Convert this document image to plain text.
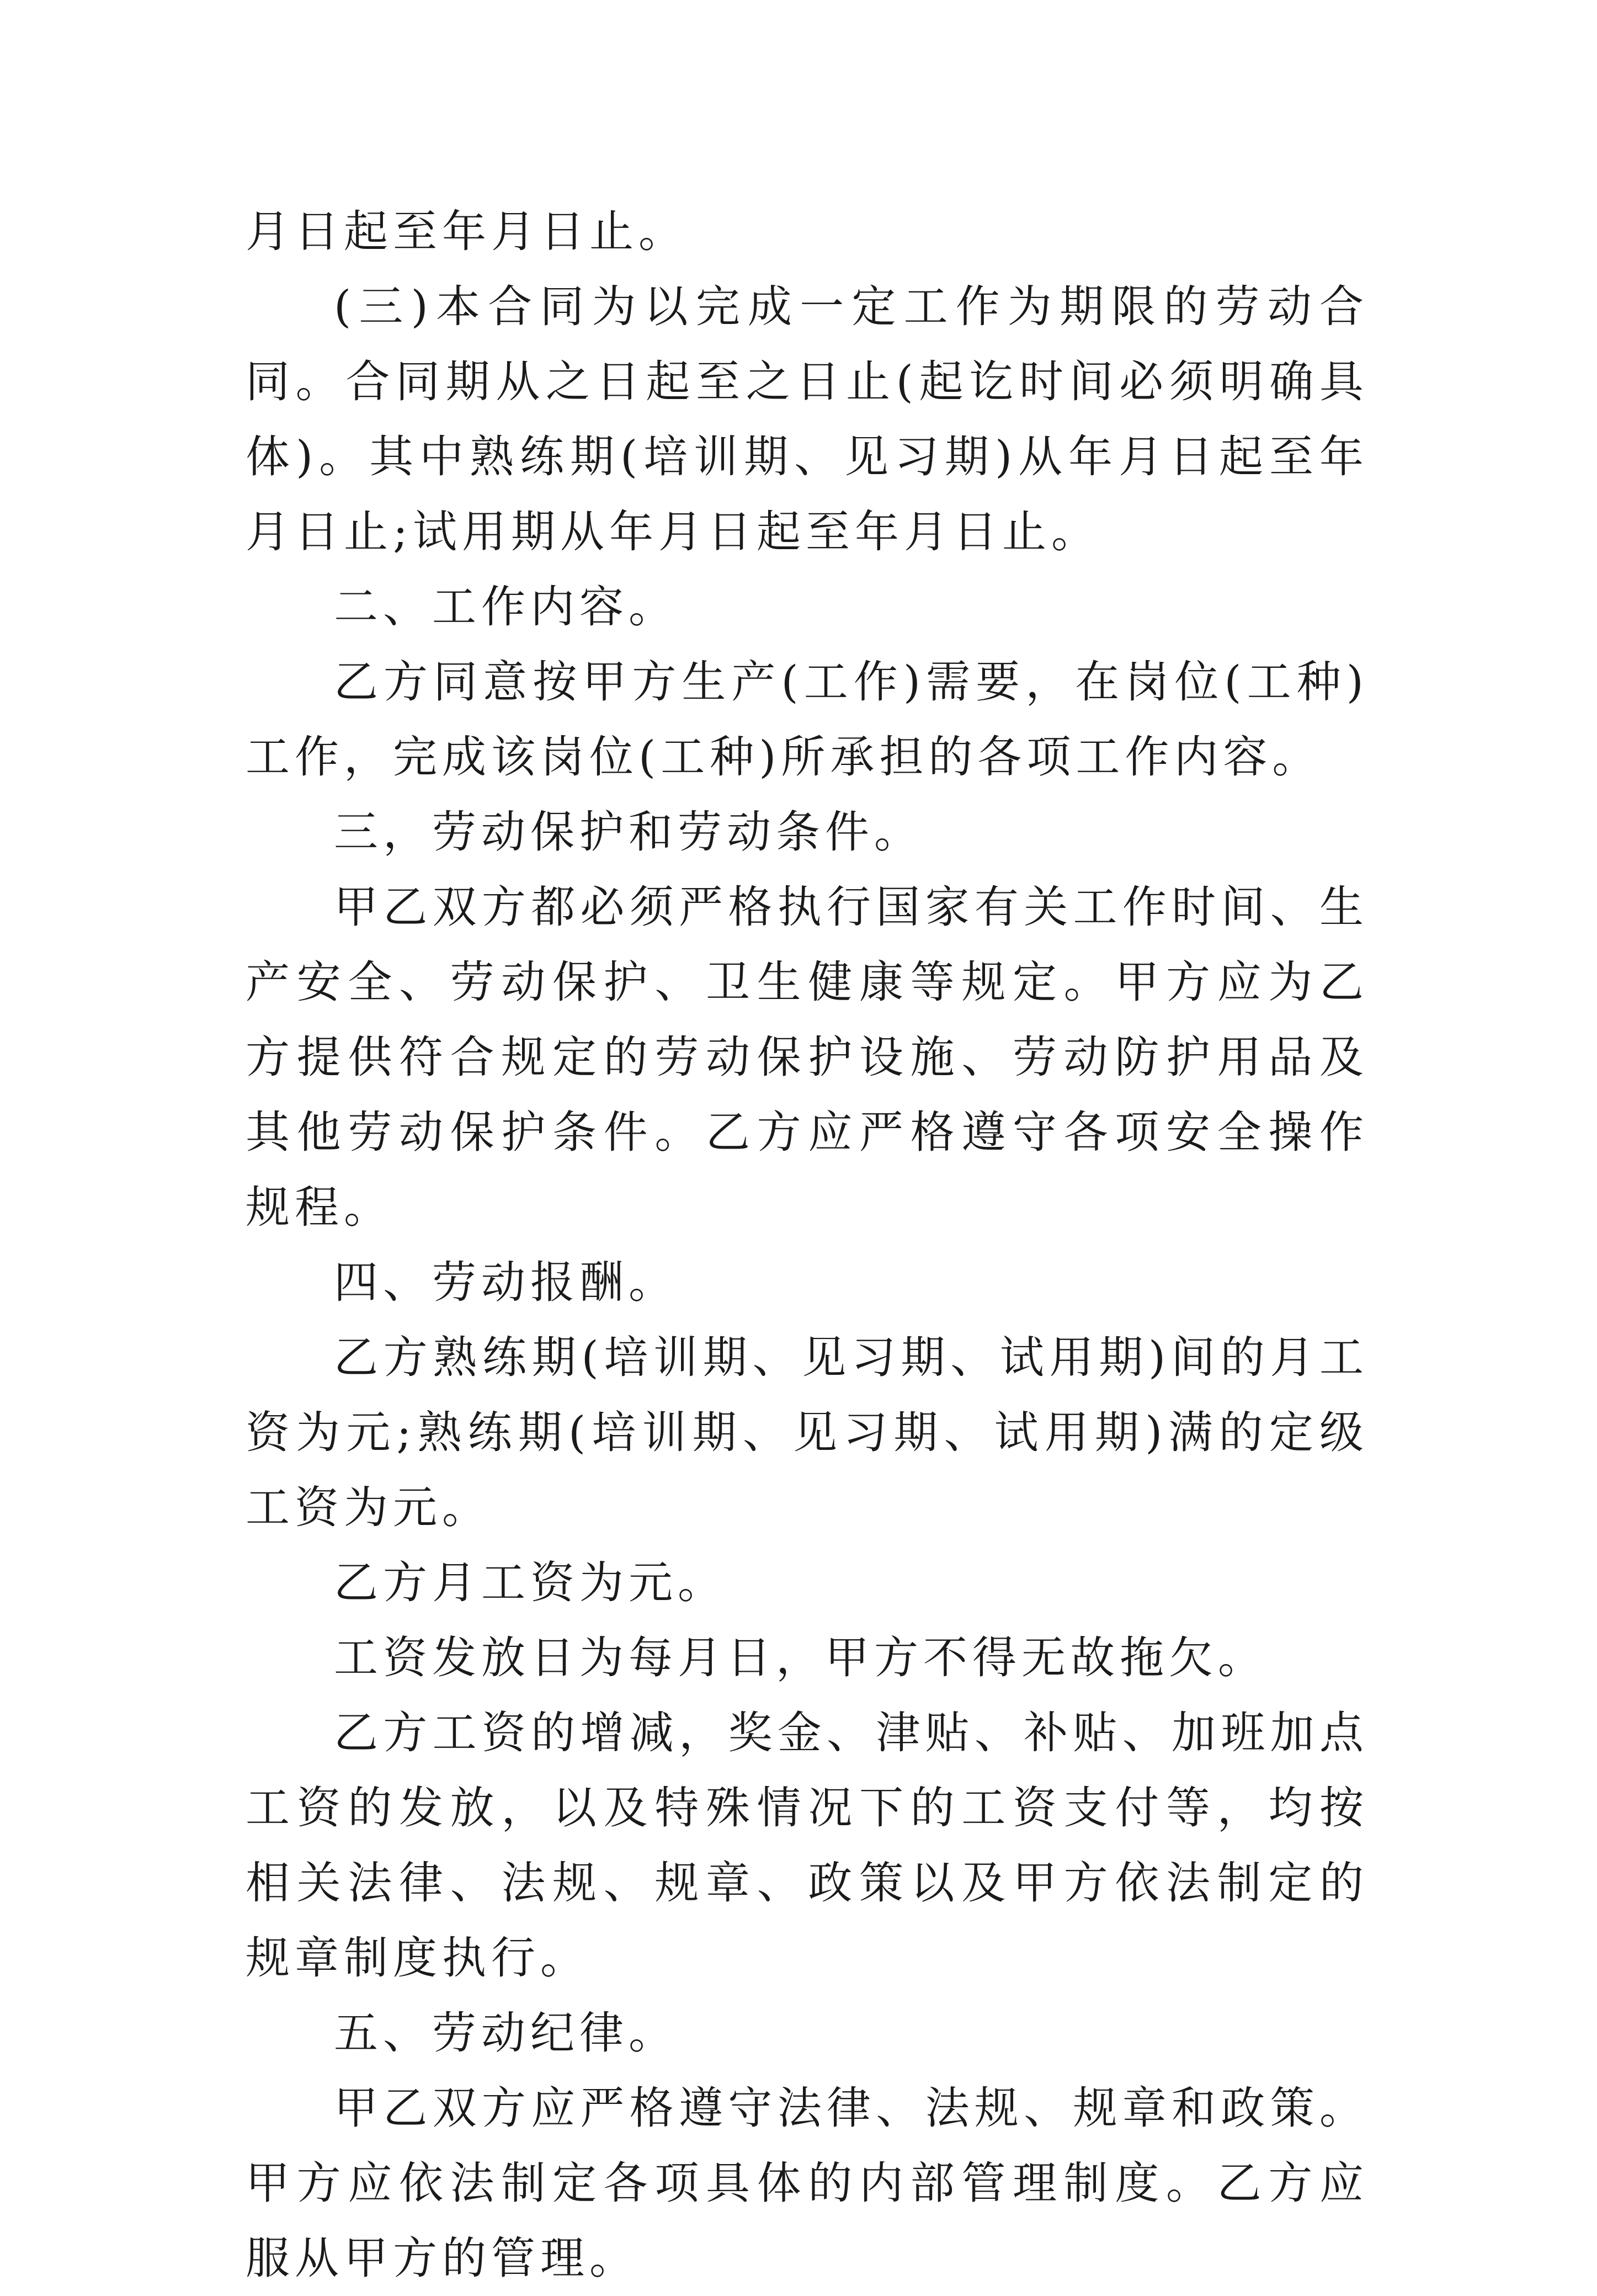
月日起至年月日止。

(三)本合同为以完成一定工作为期限的劳动合同。合同期从之日起至之日止(起讫时间必须明确具体)。其中熟练期(培训期、见习期)从年月日起至年月日止;试用期从年月日起至年月日止。

二、工作内容。

乙方同意按甲方生产(工作)需要，在岗位(工种)工作，完成该岗位(工种)所承担的各项工作内容。

三，劳动保护和劳动条件。

甲乙双方都必须严格执行国家有关工作时间、生产安全、劳动保护、卫生健康等规定。甲方应为乙方提供符合规定的劳动保护设施、劳动防护用品及其他劳动保护条件。乙方应严格遵守各项安全操作规程。

四、劳动报酬。

乙方熟练期(培训期、见习期、试用期)间的月工资为元;熟练期(培训期、见习期、试用期)满的定级工资为元。

乙方月工资为元。

工资发放日为每月日，甲方不得无故拖欠。

乙方工资的增减，奖金、津贴、补贴、加班加点工资的发放，以及特殊情况下的工资支付等，均按相关法律、法规、规章、政策以及甲方依法制定的规章制度执行。

五、劳动纪律。

甲乙双方应严格遵守法律、法规、规章和政策。甲方应依法制定各项具体的内部管理制度。乙方应服从甲方的管理。
